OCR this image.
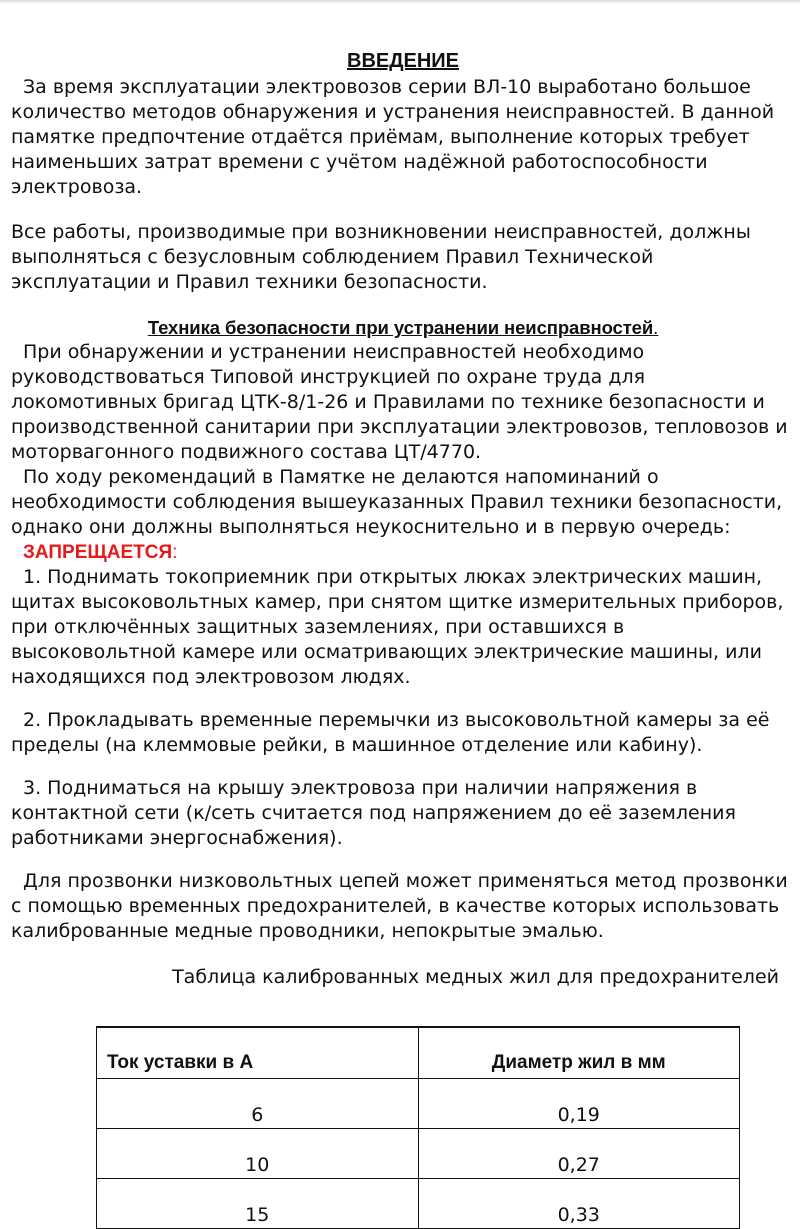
ВВЕДЕНИЕ

За время эксплуатации электровозов серии ВЛ-10 выработано большое количество методов обнаружения и устранения неисправностей. В данной памятке предпочтение отдаётся приёмам, выполнение которых требует наименьших затрат времени с учётом надёжной работоспособности электровоза.

Все работы, производимые при возникновении неисправностей, должны выполняться с безусловным соблюдением Правил Технической эксплуатации и Правил техники безопасности.

Техника безопасности при устранении неисправностей.

При обнаружении и устранении неисправностей необходимо руководствоваться Типовой инструкцией по охране труда для локомотивных бригад ЦТК-8/1-26 и Правилами по технике безопасности и производственной санитарии при эксплуатации электровозов, тепловозов и моторвагонного подвижного состава ЦТ/4770.

По ходу рекомендаций в Памятке не делаются напоминаний о необходимости соблюдения вышеуказанных Правил техники безопасности, однако они должны выполняться неукоснительно и в первую очередь:

ЗАПРЕЩАЕТСЯ:

1. Поднимать токоприемник при открытых люках электрических машин, щитах высоковольтных камер, при снятом щитке измерительных приборов, при отключённых защитных заземлениях, при оставшихся в высоковольтной камере или осматривающих электрические машины, или находящихся под электровозом людях.

2. Прокладывать временные перемычки из высоковольтной камеры за её пределы (на клеммовые рейки, в машинное отделение или кабину).

3. Подниматься на крышу электровоза при наличии напряжения в контактной сети (к/сеть считается под напряжением до её заземления работниками энергоснабжения).

Для прозвонки низковольтных цепей может применяться метод прозвонки с помощью временных предохранителей, в качестве которых использовать калиброванные медные проводники, непокрытые эмалью.

Таблица калиброванных медных жил для предохранителей

Ток уставки в А	Диаметр жил в мм
6	0,19
10	0,27
15	0,33
